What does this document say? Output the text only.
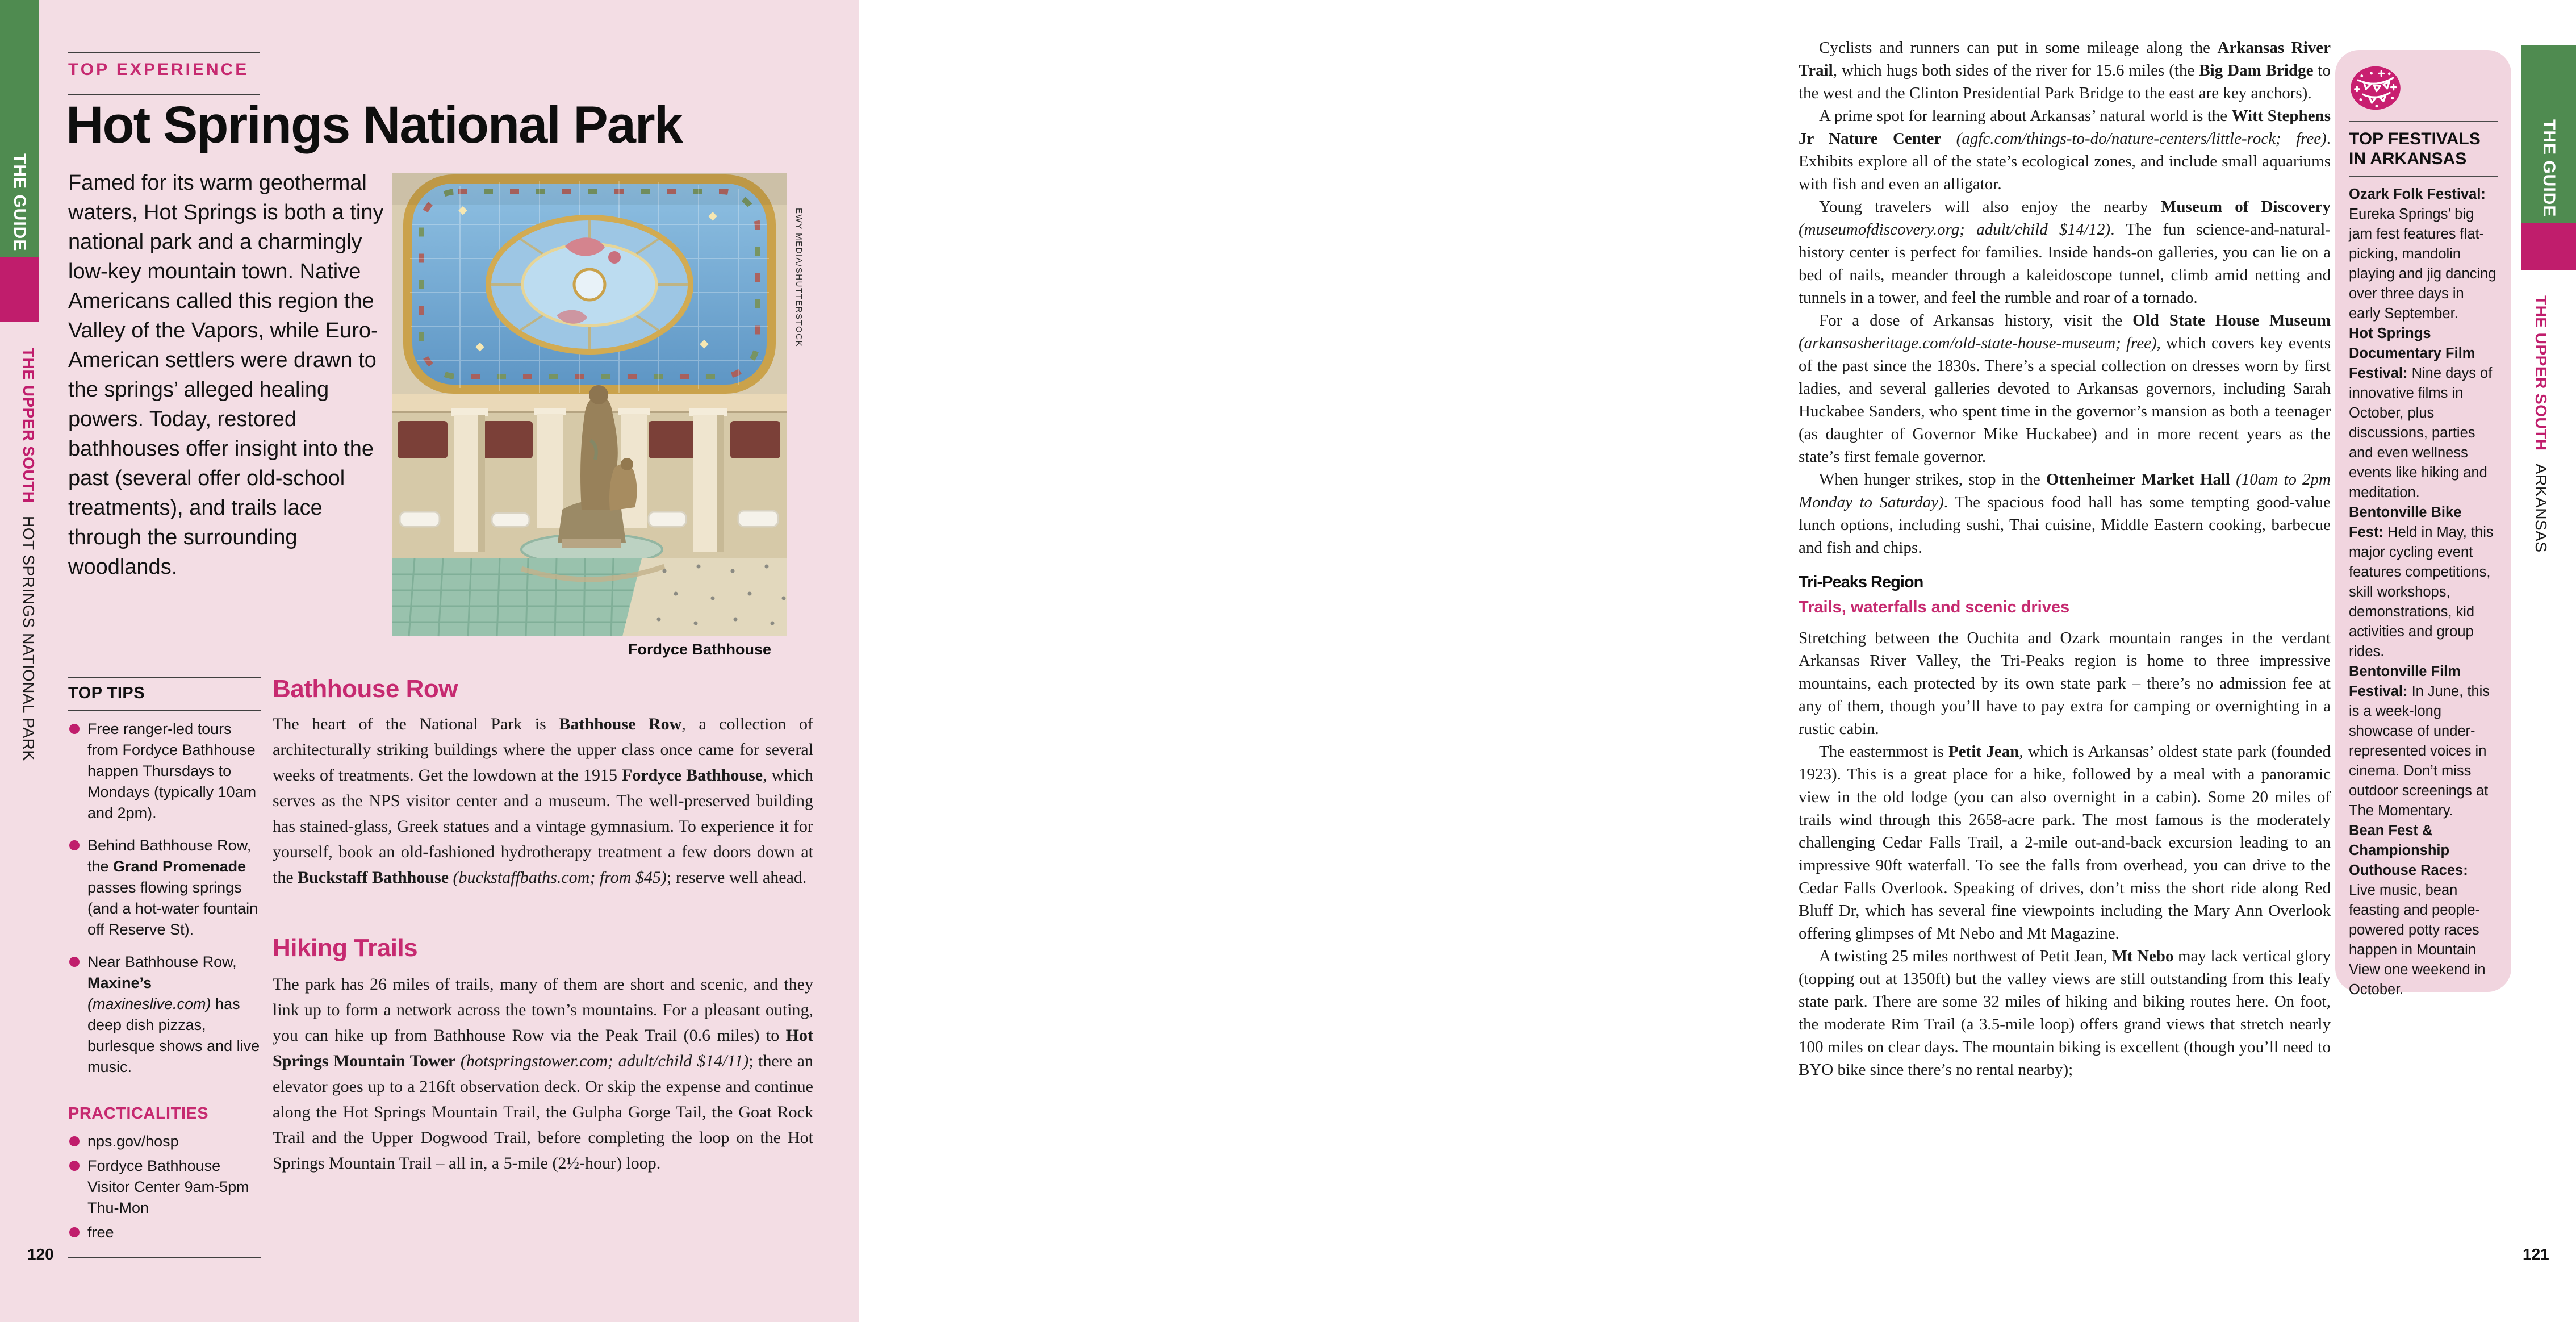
THE GUIDE
THE UPPER SOUTH HOT SPRINGS NATIONAL PARK
TOP EXPERIENCE
Hot Springs National Park
Famed for its warm geothermal waters, Hot Springs is both a tiny national park and a charmingly low-key mountain town. Native Americans called this region the Valley of the Vapors, while Euro-American settlers were drawn to the springs’ alleged healing powers. Today, restored bathhouses offer insight into the past (several offer old-school treatments), and trails lace through the surrounding woodlands.
EWY MEDIA/SHUTTERSTOCK
Fordyce Bathhouse
TOP TIPS

Free ranger-led tours from Fordyce Bathhouse happen Thursdays to Mondays (typically 10am and 2pm).

Behind Bathhouse Row, the Grand Promenade passes flowing springs (and a hot-water fountain off Reserve St).

Near Bathhouse Row, Maxine’s (maxineslive.com) has deep dish pizzas, burlesque shows and live music.

PRACTICALITIES

nps.gov/hosp

Fordyce Bathhouse Visitor Center 9am-5pm Thu-Mon

free

Bathhouse Row

The heart of the National Park is Bathhouse Row, a collection of architecturally striking buildings where the upper class once came for several weeks of treatments. Get the lowdown at the 1915 Fordyce Bathhouse, which serves as the NPS visitor center and a museum. The well-preserved building has stained-glass, Greek statues and a vintage gymnasium. To experience it for yourself, book an old-fashioned hydrotherapy treatment a few doors down at the Buckstaff Bathhouse (buckstaffbaths.com; from $45); reserve well ahead.

Hiking Trails

The park has 26 miles of trails, many of them are short and scenic, and they link up to form a network across the town’s mountains. For a pleasant outing, you can hike up from Bathhouse Row via the Peak Trail (0.6 miles) to Hot Springs Mountain Tower (hotspringstower.com; adult/child $14/11); there an elevator goes up to a 216ft observation deck. Or skip the expense and continue along the Hot Springs Mountain Trail, the Gulpha Gorge Tail, the Goat Rock Trail and the Upper Dogwood Trail, before completing the loop on the Hot Springs Mountain Trail – all in, a 5-mile (2½-hour) loop.

120

Cyclists and runners can put in some mileage along the Arkansas River Trail, which hugs both sides of the river for 15.6 miles (the Big Dam Bridge to the west and the Clinton Presidential Park Bridge to the east are key anchors).

A prime spot for learning about Arkansas’ natural world is the Witt Stephens Jr Nature Center (agfc.com/things-to-do/nature-centers/little-rock; free). Exhibits explore all of the state’s ecological zones, and include small aquariums with fish and even an alligator.

Young travelers will also enjoy the nearby Museum of Discovery (museumofdiscovery.org; adult/child $14/12). The fun science-and-natural-history center is perfect for families. Inside hands-on galleries, you can lie on a bed of nails, meander through a kaleidoscope tunnel, climb amid netting and tunnels in a tower, and feel the rumble and roar of a tornado.

For a dose of Arkansas history, visit the Old State House Museum (arkansasheritage.com/old-state-house-museum; free), which covers key events of the past since the 1830s. There’s a special collection on dresses worn by first ladies, and several galleries devoted to Arkansas governors, including Sarah Huckabee Sanders, who spent time in the governor’s mansion as both a teenager (as daughter of Governor Mike Huckabee) and in more recent years as the state’s first female governor.

When hunger strikes, stop in the Ottenheimer Market Hall (10am to 2pm Monday to Saturday). The spacious food hall has some tempting good-value lunch options, including sushi, Thai cuisine, Middle Eastern cooking, barbecue and fish and chips.

Tri-Peaks Region

Trails, waterfalls and scenic drives

Stretching between the Ouchita and Ozark mountain ranges in the verdant Arkansas River Valley, the Tri-Peaks region is home to three impressive mountains, each protected by its own state park – there’s no admission fee at any of them, though you’ll have to pay extra for camping or overnighting in a rustic cabin.

The easternmost is Petit Jean, which is Arkansas’ oldest state park (founded 1923). This is a great place for a hike, followed by a meal with a panoramic view in the old lodge (you can also overnight in a cabin). Some 20 miles of trails wind through this 2658-acre park. The most famous is the moderately challenging Cedar Falls Trail, a 2-mile out-and-back excursion leading to an impressive 90ft waterfall. To see the falls from overhead, you can drive to the Cedar Falls Overlook. Speaking of drives, don’t miss the short ride along Red Bluff Dr, which has several fine viewpoints including the Mary Ann Overlook offering glimpses of Mt Nebo and Mt Magazine.

A twisting 25 miles northwest of Petit Jean, Mt Nebo may lack vertical glory (topping out at 1350ft) but the valley views are still outstanding from this leafy state park. There are some 32 miles of hiking and biking routes here. On foot, the moderate Rim Trail (a 3.5-mile loop) offers grand views that stretch nearly 100 miles on clear days. The mountain biking is excellent (though you’ll need to BYO bike since there’s no rental nearby);

TOP FESTIVALS
IN ARKANSAS

Ozark Folk Festival:Eureka Springs’ big jam fest features flat-picking, mandolin playing and jig dancing over three days in early September.

Hot Springs Documentary Film Festival: Nine days of innovative films in October, plus discussions, parties and even wellness events like hiking and meditation.

Bentonville Bike Fest: Held in May, this major cycling event features competitions, skill workshops, demonstrations, kid activities and group rides.

Bentonville Film Festival: In June, this is a week-long showcase of under-represented voices in cinema. Don’t miss outdoor screenings at The Momentary.

Bean Fest & Championship Outhouse Races:Live music, bean feasting and people-powered potty races happen in Mountain View one weekend in October.

THE GUIDE
THE UPPER SOUTH ARKANSAS
121
